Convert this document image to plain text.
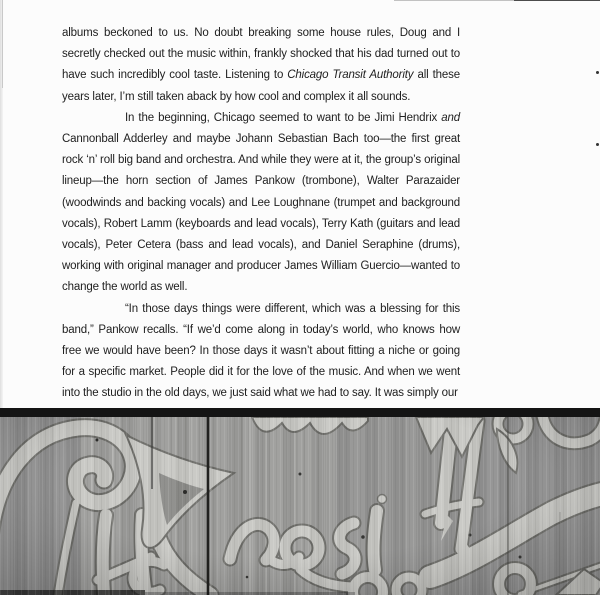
albums beckoned to us. No doubt breaking some house rules, Doug and I secretly checked out the music within, frankly shocked that his dad turned out to have such incredibly cool taste. Listening to Chicago Transit Authority all these years later, I’m still taken aback by how cool and complex it all sounds.

In the beginning, Chicago seemed to want to be Jimi Hendrix and Cannonball Adderley and maybe Johann Sebastian Bach too—the first great rock ‘n’ roll big band and orchestra. And while they were at it, the group’s original lineup—the horn section of James Pankow (trombone), Walter Parazaider (woodwinds and backing vocals) and Lee Loughnane (trumpet and background vocals), Robert Lamm (keyboards and lead vocals), Terry Kath (guitars and lead vocals), Peter Cetera (bass and lead vocals), and Daniel Seraphine (drums), working with original manager and producer James William Guercio—wanted to change the world as well.

“In those days things were different, which was a blessing for this band,” Pankow recalls. “If we’d come along in today’s world, who knows how free we would have been? In those days it wasn’t about fitting a niche or going for a specific market. People did it for the love of the music. And when we went into the studio in the old days, we just said what we had to say. It was simply our
